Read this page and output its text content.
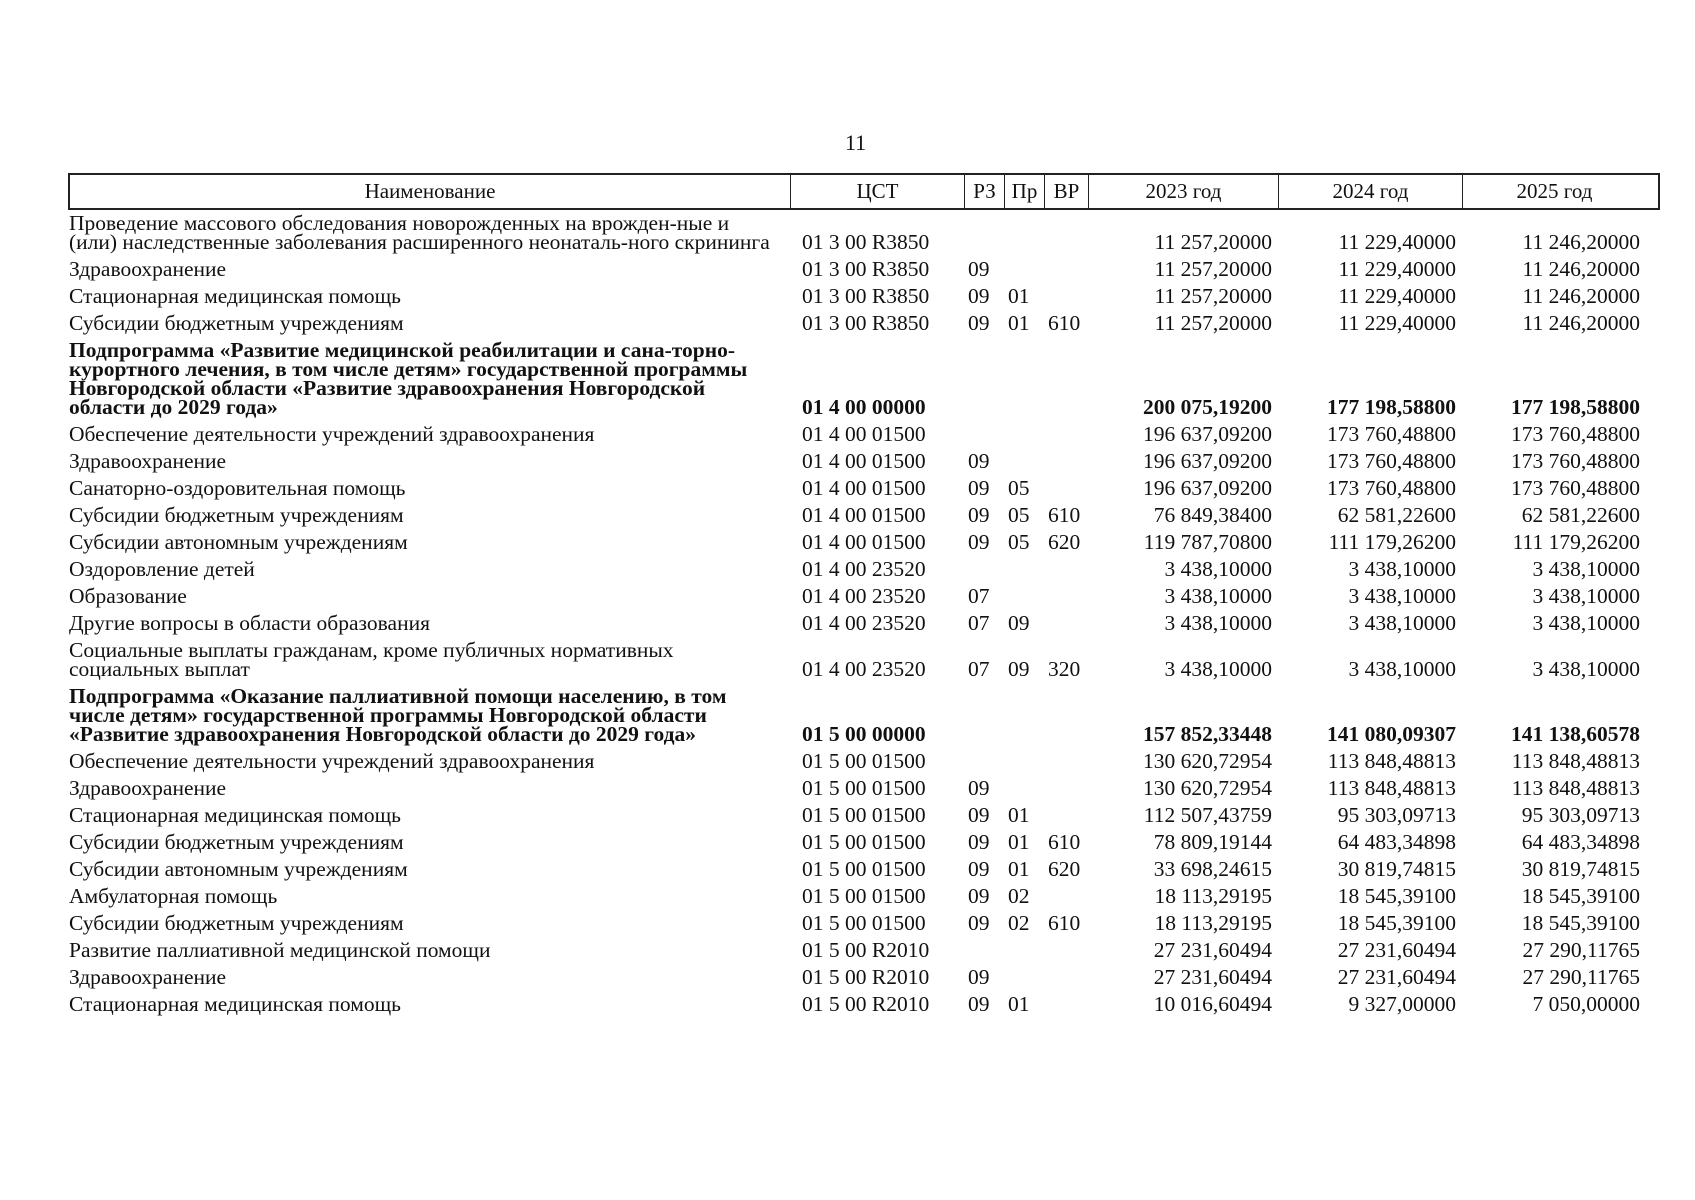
11
Наименование	ЦСТ	РЗ Пр ВР	2023 год	2024 год	2025 год
Проведение массового обследования новорожденных на врожден-ные и (или) наследственные заболевания расширенного неонаталь-ного скрининга	01 3 00 R3850	11 257,20000	11 229,40000	11 246,20000
Здравоохранение	01 3 00 R3850	09	11 257,20000	11 229,40000	11 246,20000
Стационарная медицинская помощь	01 3 00 R3850	09 01	11 257,20000	11 229,40000	11 246,20000
Субсидии бюджетным учреждениям	01 3 00 R3850	09 01 610	11 257,20000	11 229,40000	11 246,20000
Подпрограмма «Развитие медицинской реабилитации и сана-торно-курортного лечения, в том числе детям» государственной программы Новгородской области «Развитие здравоохранения Новгородской области до 2029 года»	01 4 00 00000	200 075,19200	177 198,58800	177 198,58800
Обеспечение деятельности учреждений здравоохранения	01 4 00 01500	196 637,09200	173 760,48800	173 760,48800
Здравоохранение	01 4 00 01500	09	196 637,09200	173 760,48800	173 760,48800
Санаторно-оздоровительная помощь	01 4 00 01500	09 05	196 637,09200	173 760,48800	173 760,48800
Субсидии бюджетным учреждениям	01 4 00 01500	09 05 610	76 849,38400	62 581,22600	62 581,22600
Субсидии автономным учреждениям	01 4 00 01500	09 05 620	119 787,70800	111 179,26200	111 179,26200
Оздоровление детей	01 4 00 23520	3 438,10000	3 438,10000	3 438,10000
Образование	01 4 00 23520	07	3 438,10000	3 438,10000	3 438,10000
Другие вопросы в области образования	01 4 00 23520	07 09	3 438,10000	3 438,10000	3 438,10000
Социальные выплаты гражданам, кроме публичных нормативных социальных выплат	01 4 00 23520	07 09 320	3 438,10000	3 438,10000	3 438,10000
Подпрограмма «Оказание паллиативной помощи населению, в том числе детям» государственной программы Новгородской области «Развитие здравоохранения Новгородской области до 2029 года»	01 5 00 00000	157 852,33448	141 080,09307	141 138,60578
Обеспечение деятельности учреждений здравоохранения	01 5 00 01500	130 620,72954	113 848,48813	113 848,48813
Здравоохранение	01 5 00 01500	09	130 620,72954	113 848,48813	113 848,48813
Стационарная медицинская помощь	01 5 00 01500	09 01	112 507,43759	95 303,09713	95 303,09713
Субсидии бюджетным учреждениям	01 5 00 01500	09 01 610	78 809,19144	64 483,34898	64 483,34898
Субсидии автономным учреждениям	01 5 00 01500	09 01 620	33 698,24615	30 819,74815	30 819,74815
Амбулаторная помощь	01 5 00 01500	09 02	18 113,29195	18 545,39100	18 545,39100
Субсидии бюджетным учреждениям	01 5 00 01500	09 02 610	18 113,29195	18 545,39100	18 545,39100
Развитие паллиативной медицинской помощи	01 5 00 R2010	27 231,60494	27 231,60494	27 290,11765
Здравоохранение	01 5 00 R2010	09	27 231,60494	27 231,60494	27 290,11765
Стационарная медицинская помощь	01 5 00 R2010	09 01	10 016,60494	9 327,00000	7 050,00000
